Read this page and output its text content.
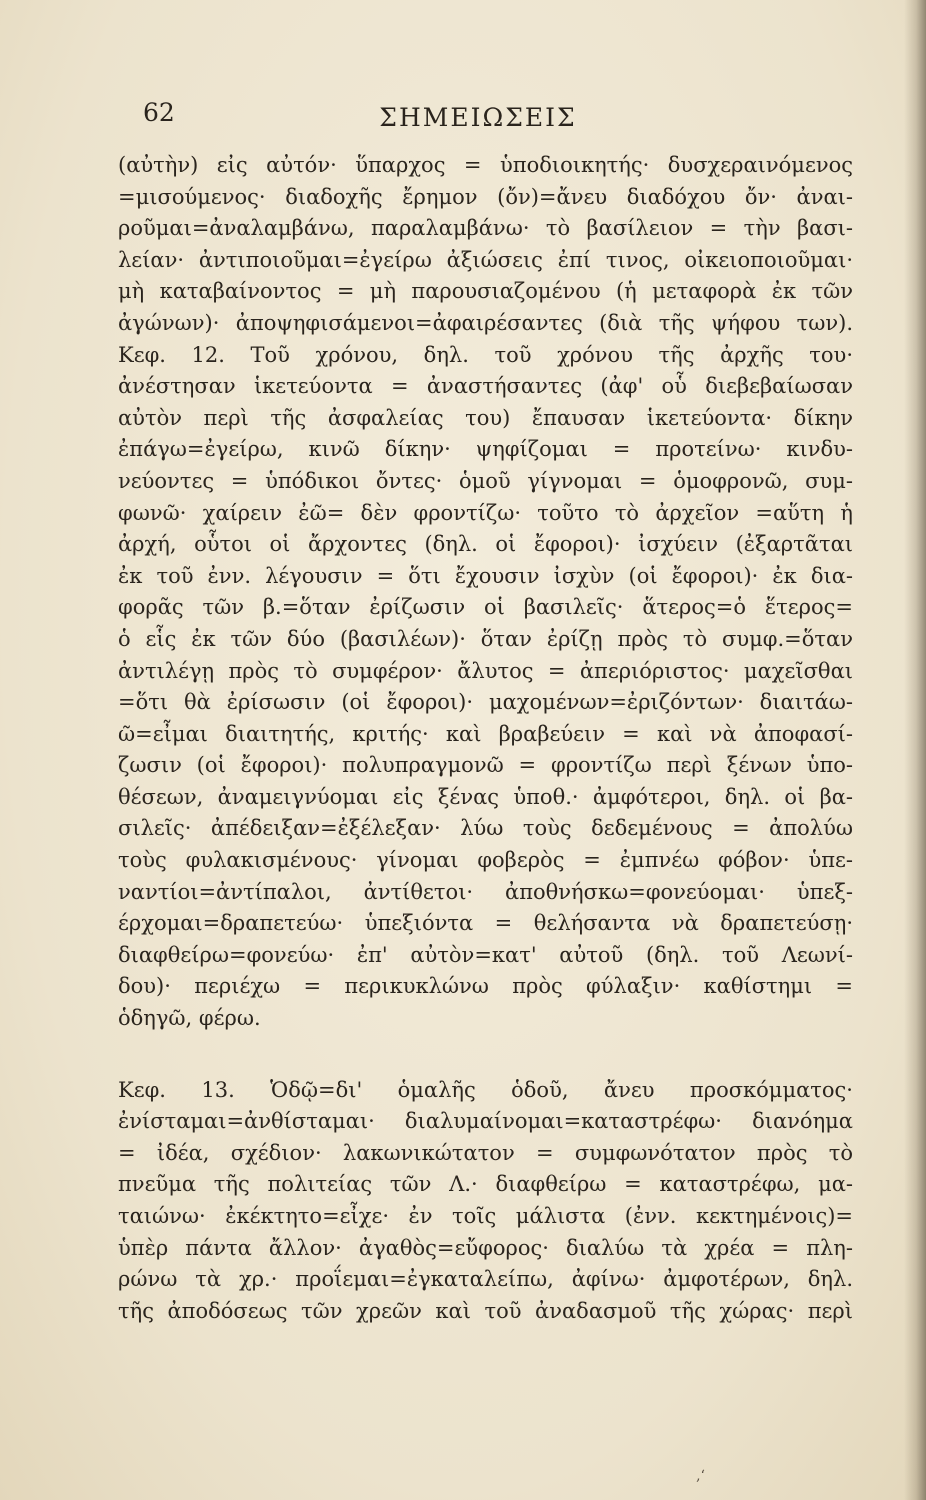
62	ΣΗΜΕΙΩΣΕΙΣ
(αὐτὴν) εἰς αὐτόν· ὕπαρχος = ὑποδιοικητής· δυσχεραινόμενος
=μισούμενος· διαδοχῆς ἔρημον (ὄν)=ἄνευ διαδόχου ὄν· ἀναι-
ροῦμαι=ἀναλαμβάνω, παραλαμβάνω· τὸ βασίλειον = τὴν βασι-
λείαν· ἀντιποιοῦμαι=ἐγείρω ἀξιώσεις ἐπί τινος, οἰκειοποιοῦμαι·
μὴ καταβαίνοντος = μὴ παρουσιαζομένου (ἡ μεταφορὰ ἐκ τῶν
ἀγώνων)· ἀποψηφισάμενοι=ἀφαιρέσαντες (διὰ τῆς ψήφου των).
Κεφ. 12. Τοῦ χρόνου, δηλ. τοῦ χρόνου τῆς ἀρχῆς του·
ἀνέστησαν ἱκετεύοντα = ἀναστήσαντες (ἀφ' οὗ διεβεβαίωσαν
αὐτὸν περὶ τῆς ἀσφαλείας του) ἔπαυσαν ἱκετεύοντα· δίκην
ἐπάγω=ἐγείρω, κινῶ δίκην· ψηφίζομαι = προτείνω· κινδυ-
νεύοντες = ὑπόδικοι ὄντες· ὁμοῦ γίγνομαι = ὁμοφρονῶ, συμ-
φωνῶ· χαίρειν ἐῶ= δὲν φροντίζω· τοῦτο τὸ ἀρχεῖον =αὕτη ἡ
ἀρχή, οὗτοι οἱ ἄρχοντες (δηλ. οἱ ἔφοροι)· ἰσχύειν (ἐξαρτᾶται
ἐκ τοῦ ἐνν. λέγουσιν = ὅτι ἔχουσιν ἰσχὺν (οἱ ἔφοροι)· ἐκ δια-
φορᾶς τῶν β.=ὅταν ἐρίζωσιν οἱ βασιλεῖς· ἅτερος=ὁ ἕτερος=
ὁ εἷς ἐκ τῶν δύο (βασιλέων)· ὅταν ἐρίζῃ πρὸς τὸ συμφ.=ὅταν
ἀντιλέγῃ πρὸς τὸ συμφέρον· ἄλυτος = ἀπεριόριστος· μαχεῖσθαι
=ὅτι θὰ ἐρίσωσιν (οἱ ἔφοροι)· μαχομένων=ἐριζόντων· διαιτάω-
ῶ=εἶμαι διαιτητής, κριτής· καὶ βραβεύειν = καὶ νὰ ἀποφασί-
ζωσιν (οἱ ἔφοροι)· πολυπραγμονῶ = φροντίζω περὶ ξένων ὑπο-
θέσεων, ἀναμειγνύομαι εἰς ξένας ὑποθ.· ἀμφότεροι, δηλ. οἱ βα-
σιλεῖς· ἀπέδειξαν=ἐξέλεξαν· λύω τοὺς δεδεμένους = ἀπολύω
τοὺς φυλακισμένους· γίνομαι φοβερὸς = ἐμπνέω φόβον· ὑπε-
ναντίοι=ἀντίπαλοι, ἀντίθετοι· ἀποθνήσκω=φονεύομαι· ὑπεξ-
έρχομαι=δραπετεύω· ὑπεξιόντα = θελήσαντα νὰ δραπετεύσῃ·
διαφθείρω=φονεύω· ἐπ' αὐτὸν=κατ' αὐτοῦ (δηλ. τοῦ Λεωνί-
δου)· περιέχω = περικυκλώνω πρὸς φύλαξιν· καθίστημι =
ὁδηγῶ, φέρω.
Κεφ. 13. Ὁδῷ=δι' ὁμαλῆς ὁδοῦ, ἄνευ προσκόμματος·
ἐνίσταμαι=ἀνθίσταμαι· διαλυμαίνομαι=καταστρέφω· διανόημα
= ἰδέα, σχέδιον· λακωνικώτατον = συμφωνότατον πρὸς τὸ
πνεῦμα τῆς πολιτείας τῶν Λ.· διαφθείρω = καταστρέφω, μα-
ταιώνω· ἐκέκτητο=εἶχε· ἐν τοῖς μάλιστα (ἐνν. κεκτημένοις)=
ὑπὲρ πάντα ἄλλον· ἀγαθὸς=εὔφορος· διαλύω τὰ χρέα = πλη-
ρώνω τὰ χρ.· προΐεμαι=ἐγκαταλείπω, ἀφίνω· ἀμφοτέρων, δηλ.
τῆς ἀποδόσεως τῶν χρεῶν καὶ τοῦ ἀναδασμοῦ τῆς χώρας· περὶ
‚‘
